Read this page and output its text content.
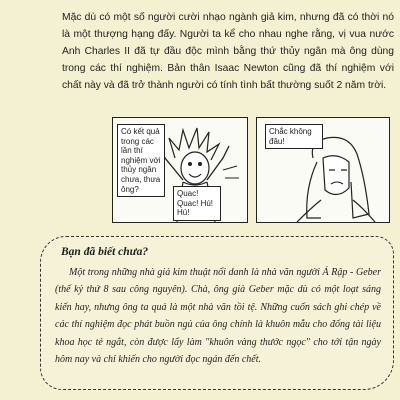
Mặc dù có một số người cười nhạo ngành giả kim, nhưng đã có thời nó là một thượng hạng đấy. Người ta kể cho nhau nghe rằng, vị vua nước Anh Charles II đã tự đầu độc mình bằng thứ thủy ngân mà ông dùng trong các thí nghiệm. Bản thân Isaac Newton cũng đã thí nghiệm với chất này và đã trở thành người có tính tình bất thường suốt 2 năm trời.

Có kết quả trong các lần thí nghiệm với thủy ngân chưa, thưa ông?	Quac! Quac! Hú! Hú!
Chắc không đâu!
Bạn đã biết chưa?

Một trong những nhà giả kim thuật nổi danh là nhà văn người Ả Rập - Geber (thế kỷ thứ 8 sau công nguyên). Chà, ông già Geber mặc dù có một loạt sáng kiến hay, nhưng ông ta quả là một nhà văn tồi tệ. Những cuốn sách ghi chép về các thí nghiệm đọc phát buồn ngủ của ông chính là khuôn mẫu cho đống tài liệu khoa học tẻ ngắt, còn được lấy làm "khuôn vàng thước ngọc" cho tới tận ngày hôm nay và chỉ khiến cho người đọc ngán đến chết.
